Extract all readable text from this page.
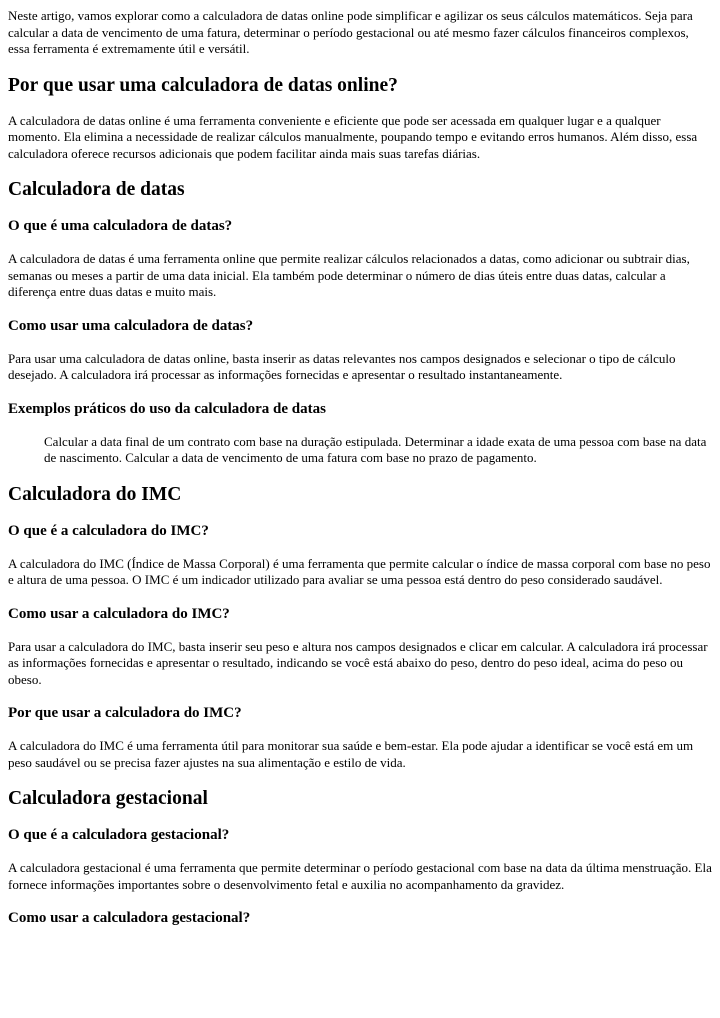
Neste artigo, vamos explorar como a calculadora de datas online pode simplificar e agilizar os seus cálculos matemáticos. Seja para calcular a data de vencimento de uma fatura, determinar o período gestacional ou até mesmo fazer cálculos financeiros complexos, essa ferramenta é extremamente útil e versátil.

Por que usar uma calculadora de datas online?

A calculadora de datas online é uma ferramenta conveniente e eficiente que pode ser acessada em qualquer lugar e a qualquer momento. Ela elimina a necessidade de realizar cálculos manualmente, poupando tempo e evitando erros humanos. Além disso, essa calculadora oferece recursos adicionais que podem facilitar ainda mais suas tarefas diárias.

Calculadora de datas
O que é uma calculadora de datas?

A calculadora de datas é uma ferramenta online que permite realizar cálculos relacionados a datas, como adicionar ou subtrair dias, semanas ou meses a partir de uma data inicial. Ela também pode determinar o número de dias úteis entre duas datas, calcular a diferença entre duas datas e muito mais.

Como usar uma calculadora de datas?

Para usar uma calculadora de datas online, basta inserir as datas relevantes nos campos designados e selecionar o tipo de cálculo desejado. A calculadora irá processar as informações fornecidas e apresentar o resultado instantaneamente.

Exemplos práticos do uso da calculadora de datas
Calcular a data final de um contrato com base na duração estipulada. Determinar a idade exata de uma pessoa com base na data de nascimento. Calcular a data de vencimento de uma fatura com base no prazo de pagamento.
Calculadora do IMC
O que é a calculadora do IMC?

A calculadora do IMC (Índice de Massa Corporal) é uma ferramenta que permite calcular o índice de massa corporal com base no peso e altura de uma pessoa. O IMC é um indicador utilizado para avaliar se uma pessoa está dentro do peso considerado saudável.

Como usar a calculadora do IMC?

Para usar a calculadora do IMC, basta inserir seu peso e altura nos campos designados e clicar em calcular. A calculadora irá processar as informações fornecidas e apresentar o resultado, indicando se você está abaixo do peso, dentro do peso ideal, acima do peso ou obeso.

Por que usar a calculadora do IMC?

A calculadora do IMC é uma ferramenta útil para monitorar sua saúde e bem-estar. Ela pode ajudar a identificar se você está em um peso saudável ou se precisa fazer ajustes na sua alimentação e estilo de vida.

Calculadora gestacional
O que é a calculadora gestacional?

A calculadora gestacional é uma ferramenta que permite determinar o período gestacional com base na data da última menstruação. Ela fornece informações importantes sobre o desenvolvimento fetal e auxilia no acompanhamento da gravidez.

Como usar a calculadora gestacional?
